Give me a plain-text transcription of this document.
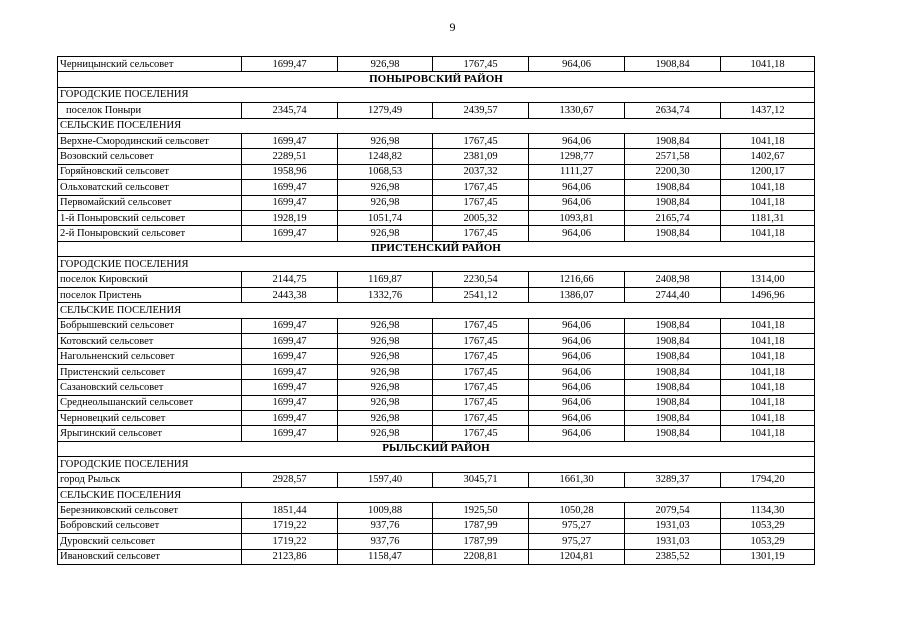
9
Черницынский сельсовет	1699,47	926,98	1767,45	964,06	1908,84	1041,18
ПОНЫРОВСКИЙ РАЙОН						
ГОРОДСКИЕ ПОСЕЛЕНИЯ						
поселок Поныри	2345,74	1279,49	2439,57	1330,67	2634,74	1437,12
СЕЛЬСКИЕ ПОСЕЛЕНИЯ						
Верхне-Смородинский сельсовет	1699,47	926,98	1767,45	964,06	1908,84	1041,18
Возовский сельсовет	2289,51	1248,82	2381,09	1298,77	2571,58	1402,67
Горяйновский сельсовет	1958,96	1068,53	2037,32	1111,27	2200,30	1200,17
Ольховатский сельсовет	1699,47	926,98	1767,45	964,06	1908,84	1041,18
Первомайский сельсовет	1699,47	926,98	1767,45	964,06	1908,84	1041,18
1-й Поныровский сельсовет	1928,19	1051,74	2005,32	1093,81	2165,74	1181,31
2-й Поныровский сельсовет	1699,47	926,98	1767,45	964,06	1908,84	1041,18
ПРИСТЕНСКИЙ РАЙОН						
ГОРОДСКИЕ ПОСЕЛЕНИЯ						
поселок Кировский	2144,75	1169,87	2230,54	1216,66	2408,98	1314,00
поселок Пристень	2443,38	1332,76	2541,12	1386,07	2744,40	1496,96
СЕЛЬСКИЕ ПОСЕЛЕНИЯ						
Бобрышевский сельсовет	1699,47	926,98	1767,45	964,06	1908,84	1041,18
Котовский сельсовет	1699,47	926,98	1767,45	964,06	1908,84	1041,18
Нагольненский сельсовет	1699,47	926,98	1767,45	964,06	1908,84	1041,18
Пристенский сельсовет	1699,47	926,98	1767,45	964,06	1908,84	1041,18
Сазановский сельсовет	1699,47	926,98	1767,45	964,06	1908,84	1041,18
Среднеольшанский сельсовет	1699,47	926,98	1767,45	964,06	1908,84	1041,18
Черновецкий сельсовет	1699,47	926,98	1767,45	964,06	1908,84	1041,18
Ярыгинский сельсовет	1699,47	926,98	1767,45	964,06	1908,84	1041,18
РЫЛЬСКИЙ РАЙОН						
ГОРОДСКИЕ ПОСЕЛЕНИЯ						
город Рыльск	2928,57	1597,40	3045,71	1661,30	3289,37	1794,20
СЕЛЬСКИЕ ПОСЕЛЕНИЯ						
Березниковский сельсовет	1851,44	1009,88	1925,50	1050,28	2079,54	1134,30
Бобровский сельсовет	1719,22	937,76	1787,99	975,27	1931,03	1053,29
Дуровский сельсовет	1719,22	937,76	1787,99	975,27	1931,03	1053,29
Ивановский сельсовет	2123,86	1158,47	2208,81	1204,81	2385,52	1301,19
